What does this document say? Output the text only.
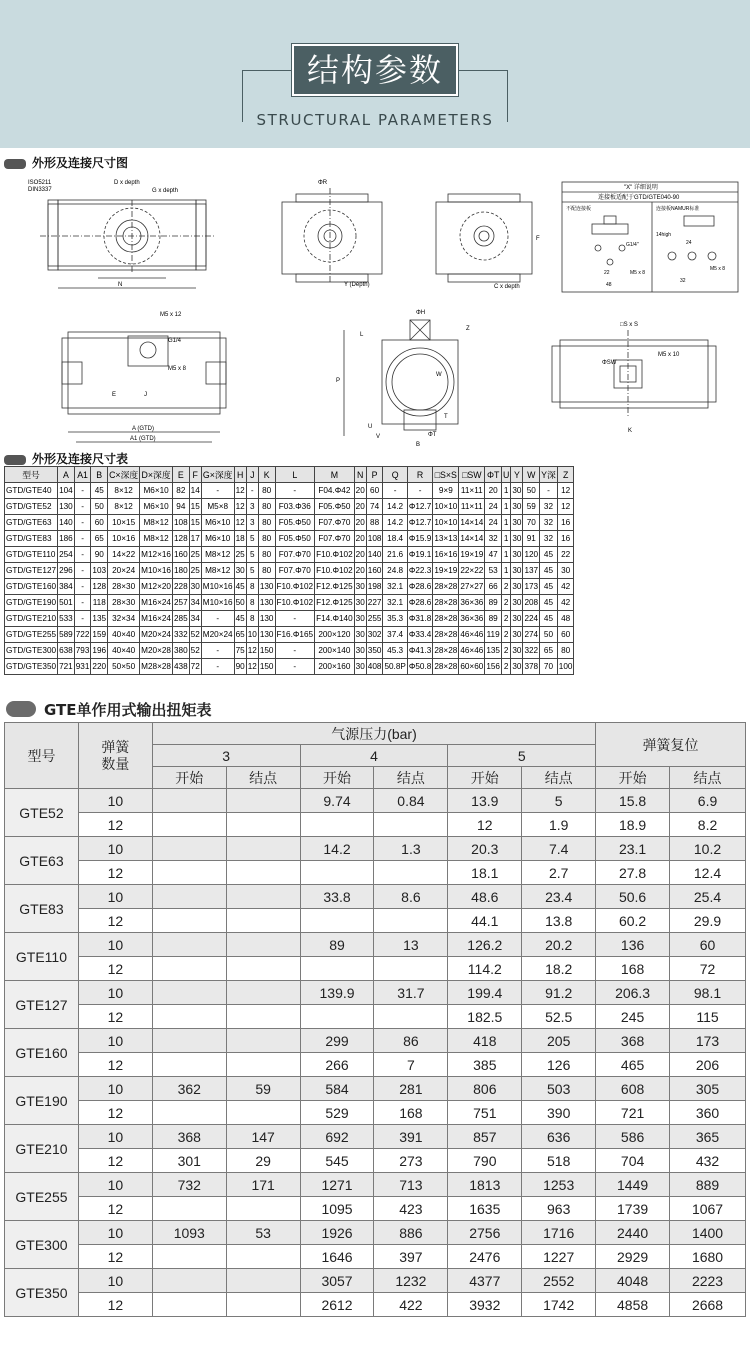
结构参数
STRUCTURAL PARAMETERS
外形及连接尺寸图
ISO5211
DIN3337
N
D x depth
G x depth
ΦR
Y (Depth)	C x depth
F
"X" 详细说明
连接板适配于GTD/GTE040-90
不配连接板	连接板NAMUR标准
G1/4"
22	M5 x 8
48
14high
24
32
M5 x 8
A (GTD)
A1 (GTD)
M5 x 12
G1/4
M5 x 8
E	J
ΦH
W
P
B
U
V
Z
L
ΦT
T
□S x S
M5 x 10
K
ΦSW
外形及连接尺寸表
型号	A	A1	B	C×深度	D×深度	E	F	G×深度	H	J	K	L	M	N	P	Q	R	□S×S	□SW	ΦT	U	Y	W	Y深	Z
GTD/GTE40	104	-	45	8×12	M6×10	82	14	-	12	-	80	-	F04.Φ42	20	60	-	-	9×9	11×11	20	1	30	50	-	12
GTD/GTE52	130	-	50	8×12	M6×10	94	15	M5×8	12	3	80	F03.Φ36	F05.Φ50	20	74	14.2	Φ12.7	10×10	11×11	24	1	30	59	32	12
GTD/GTE63	140	-	60	10×15	M8×12	108	15	M6×10	12	3	80	F05.Φ50	F07.Φ70	20	88	14.2	Φ12.7	10×10	14×14	24	1	30	70	32	16
GTD/GTE83	186	-	65	10×16	M8×12	128	17	M6×10	18	5	80	F05.Φ50	F07.Φ70	20	108	18.4	Φ15.9	13×13	14×14	32	1	30	91	32	16
GTD/GTE110	254	-	90	14×22	M12×16	160	25	M8×12	25	5	80	F07.Φ70	F10.Φ102	20	140	21.6	Φ19.1	16×16	19×19	47	1	30	120	45	22
GTD/GTE127	296	-	103	20×24	M10×16	180	25	M8×12	30	5	80	F07.Φ70	F10.Φ102	20	160	24.8	Φ22.3	19×19	22×22	53	1	30	137	45	30
GTD/GTE160	384	-	128	28×30	M12×20	228	30	M10×16	45	8	130	F10.Φ102	F12.Φ125	30	198	32.1	Φ28.6	28×28	27×27	66	2	30	173	45	42
GTD/GTE190	501	-	118	28×30	M16×24	257	34	M10×16	50	8	130	F10.Φ102	F12.Φ125	30	227	32.1	Φ28.6	28×28	36×36	89	2	30	208	45	42
GTD/GTE210	533	-	135	32×34	M16×24	285	34	-	45	8	130	-	F14.Φ140	30	255	35.3	Φ31.8	28×28	36×36	89	2	30	224	45	48
GTD/GTE255	589	722	159	40×40	M20×24	332	52	M20×24	65	10	130	F16.Φ165	200×120	30	302	37.4	Φ33.4	28×28	46×46	119	2	30	274	50	60
GTD/GTE300	638	793	196	40×40	M20×28	380	52	-	75	12	150	-	200×140	30	350	45.3	Φ41.3	28×28	46×46	135	2	30	322	65	80
GTD/GTE350	721	931	220	50×50	M28×28	438	72	-	90	12	150	-	200×160	30	408	50.8P	Φ50.8	28×28	60×60	156	2	30	378	70	100
GTE单作用式输出扭矩表
型号	弹簧数量	气源压力(bar)						弹簧复位	
		3		4		5			
		开始	结点	开始	结点	开始	结点	开始	结点
GTE52	10			9.74	0.84	13.9	5	15.8	6.9
	12					12	1.9	18.9	8.2
GTE63	10			14.2	1.3	20.3	7.4	23.1	10.2
	12					18.1	2.7	27.8	12.4
GTE83	10			33.8	8.6	48.6	23.4	50.6	25.4
	12					44.1	13.8	60.2	29.9
GTE110	10			89	13	126.2	20.2	136	60
	12					114.2	18.2	168	72
GTE127	10			139.9	31.7	199.4	91.2	206.3	98.1
	12					182.5	52.5	245	115
GTE160	10			299	86	418	205	368	173
	12			266	7	385	126	465	206
GTE190	10	362	59	584	281	806	503	608	305
	12			529	168	751	390	721	360
GTE210	10	368	147	692	391	857	636	586	365
	12	301	29	545	273	790	518	704	432
GTE255	10	732	171	1271	713	1813	1253	1449	889
	12			1095	423	1635	963	1739	1067
GTE300	10	1093	53	1926	886	2756	1716	2440	1400
	12			1646	397	2476	1227	2929	1680
GTE350	10			3057	1232	4377	2552	4048	2223
	12			2612	422	3932	1742	4858	2668
